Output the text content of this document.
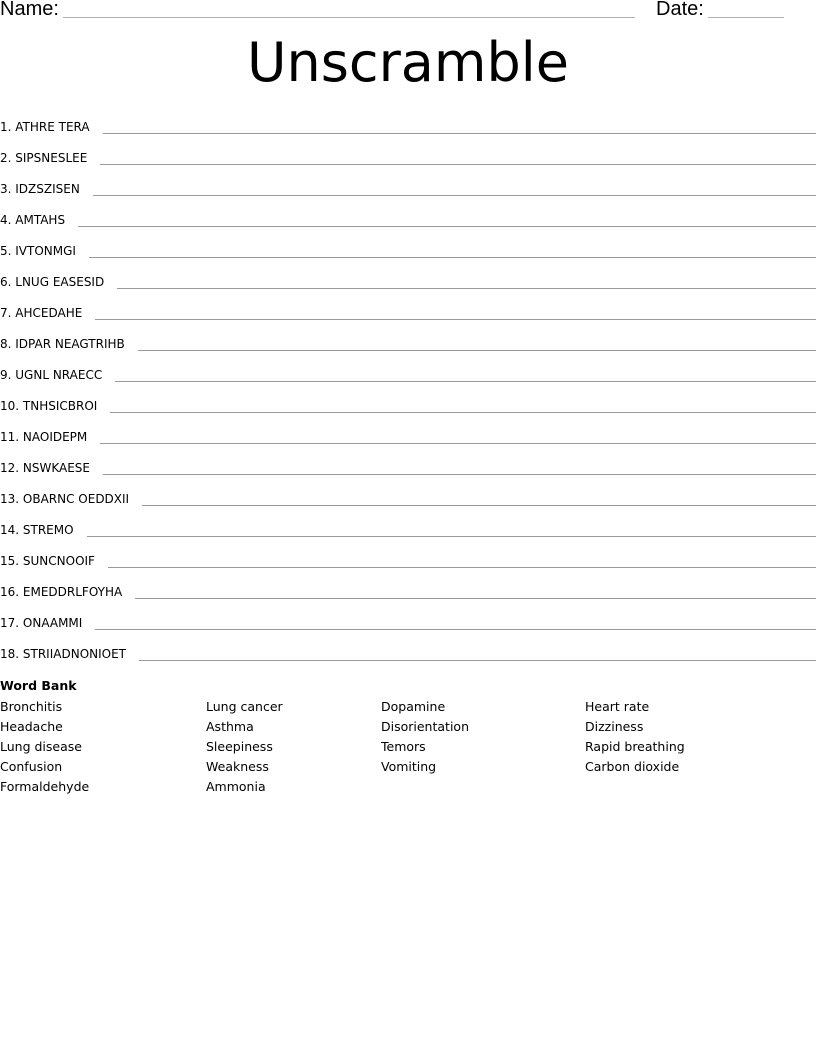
Name:	Date:
Unscramble
1. ATHRE TERA
2. SIPSNESLEE
3. IDZSZISEN
4. AMTAHS
5. IVTONMGI
6. LNUG EASESID
7. AHCEDAHE
8. IDPAR NEAGTRIHB
9. UGNL NRAECC
10. TNHSICBROI
11. NAOIDEPM
12. NSWKAESE
13. OBARNC OEDDXII
14. STREMO
15. SUNCNOOIF
16. EMEDDRLFOYHA
17. ONAAMMI
18. STRIIADNONIOET
Word Bank
Bronchitis
Headache
Lung disease
Confusion
Formaldehyde
Lung cancer
Asthma
Sleepiness
Weakness
Ammonia
Dopamine
Disorientation
Temors
Vomiting
Heart rate
Dizziness
Rapid breathing
Carbon dioxide
